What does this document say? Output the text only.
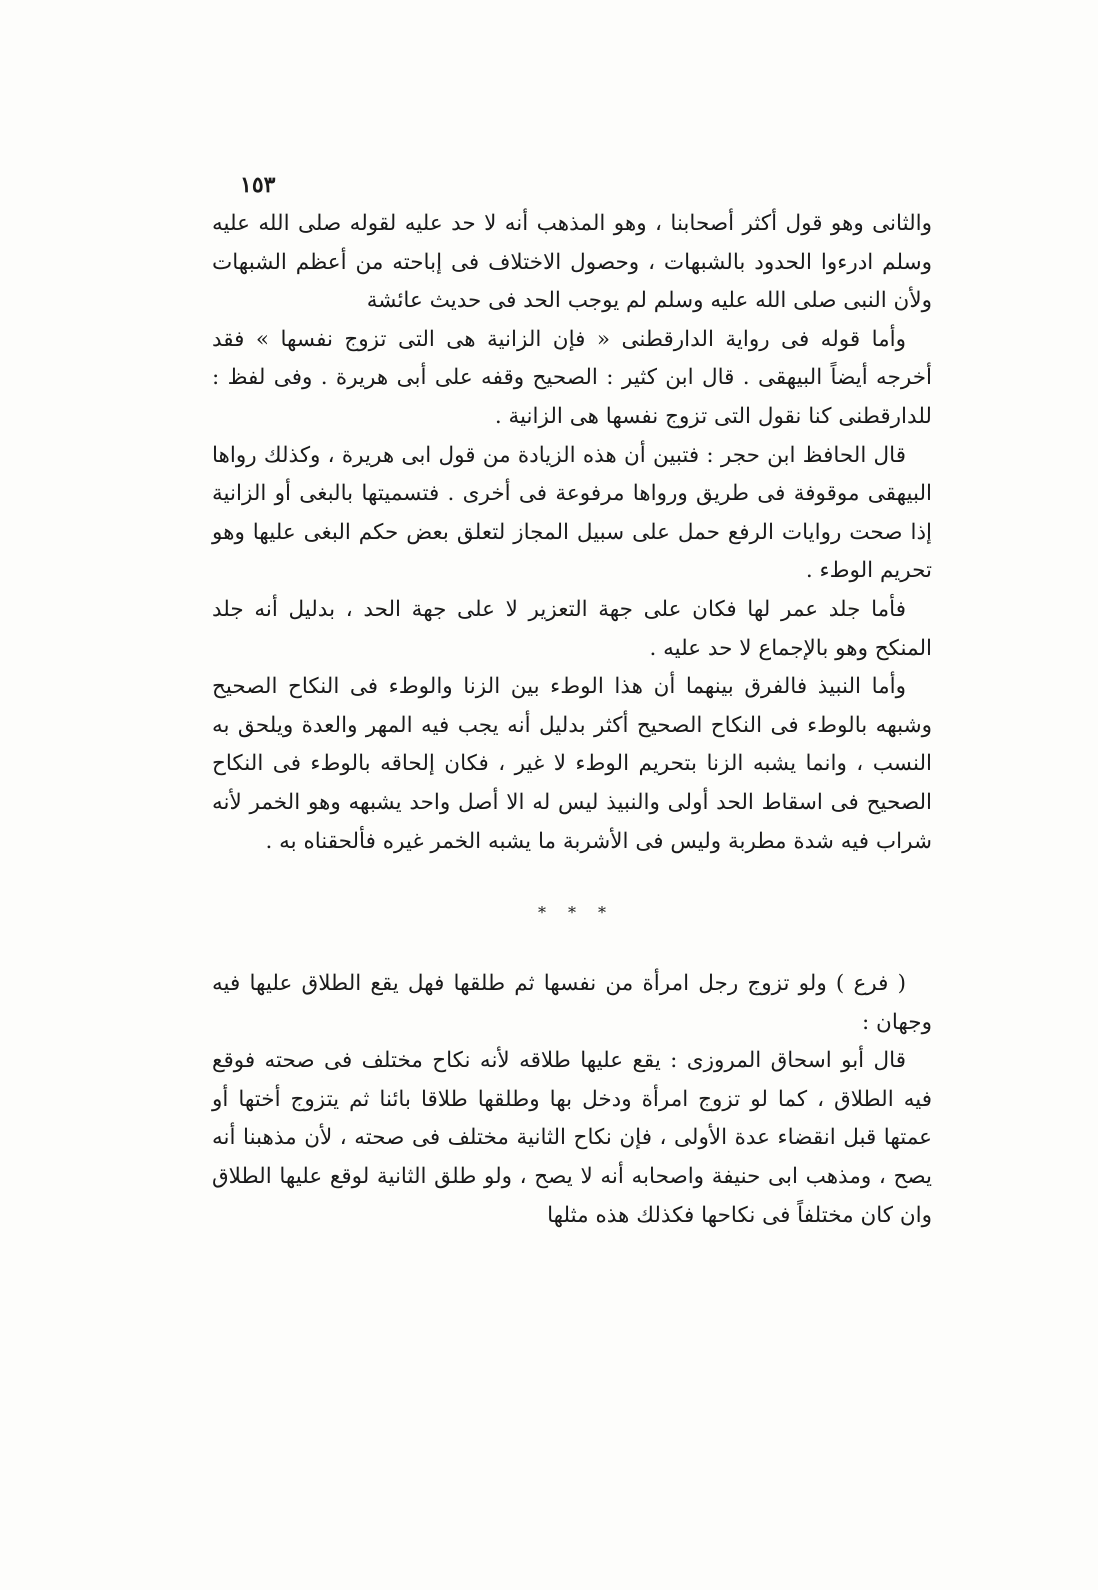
١٥٣

والثانى وهو قول أكثر أصحابنا ، وهو المذهب أنه لا حد عليه لقوله صلى الله عليه وسلم ادرءوا الحدود بالشبهات ، وحصول الاختلاف فى إباحته من أعظم الشبهات ولأن النبى صلى الله عليه وسلم لم يوجب الحد فى حديث عائشة

وأما قوله فى رواية الدارقطنى « فإن الزانية هى التى تزوج نفسها » فقد أخرجه أيضاً البيهقى . قال ابن كثير : الصحيح وقفه على أبى هريرة . وفى لفظ : للدارقطنى كنا نقول التى تزوج نفسها هى الزانية .

قال الحافظ ابن حجر : فتبين أن هذه الزيادة من قول ابى هريرة ، وكذلك رواها البيهقى موقوفة فى طريق ورواها مرفوعة فى أخرى . فتسميتها بالبغى أو الزانية إذا صحت روايات الرفع حمل على سبيل المجاز لتعلق بعض حكم البغى عليها وهو تحريم الوطء .

فأما جلد عمر لها فكان على جهة التعزير لا على جهة الحد ، بدليل أنه جلد المنكح وهو بالإجماع لا حد عليه .

وأما النبيذ فالفرق بينهما أن هذا الوطء بين الزنا والوطء فى النكاح الصحيح وشبهه بالوطء فى النكاح الصحيح أكثر بدليل أنه يجب فيه المهر والعدة ويلحق به النسب ، وانما يشبه الزنا بتحريم الوطء لا غير ، فكان إلحاقه بالوطء فى النكاح الصحيح فى اسقاط الحد أولى والنبيذ ليس له الا أصل واحد يشبهه وهو الخمر لأنه شراب فيه شدة مطربة وليس فى الأشربة ما يشبه الخمر غيره فألحقناه به .

* * *

( فرع ) ولو تزوج رجل امرأة من نفسها ثم طلقها فهل يقع الطلاق عليها فيه وجهان :

قال أبو اسحاق المروزى : يقع عليها طلاقه لأنه نكاح مختلف فى صحته فوقع فيه الطلاق ، كما لو تزوج امرأة ودخل بها وطلقها طلاقا بائنا ثم يتزوج أختها أو عمتها قبل انقضاء عدة الأولى ، فإن نكاح الثانية مختلف فى صحته ، لأن مذهبنا أنه يصح ، ومذهب ابى حنيفة واصحابه أنه لا يصح ، ولو طلق الثانية لوقع عليها الطلاق وان كان مختلفاً فى نكاحها فكذلك هذه مثلها
